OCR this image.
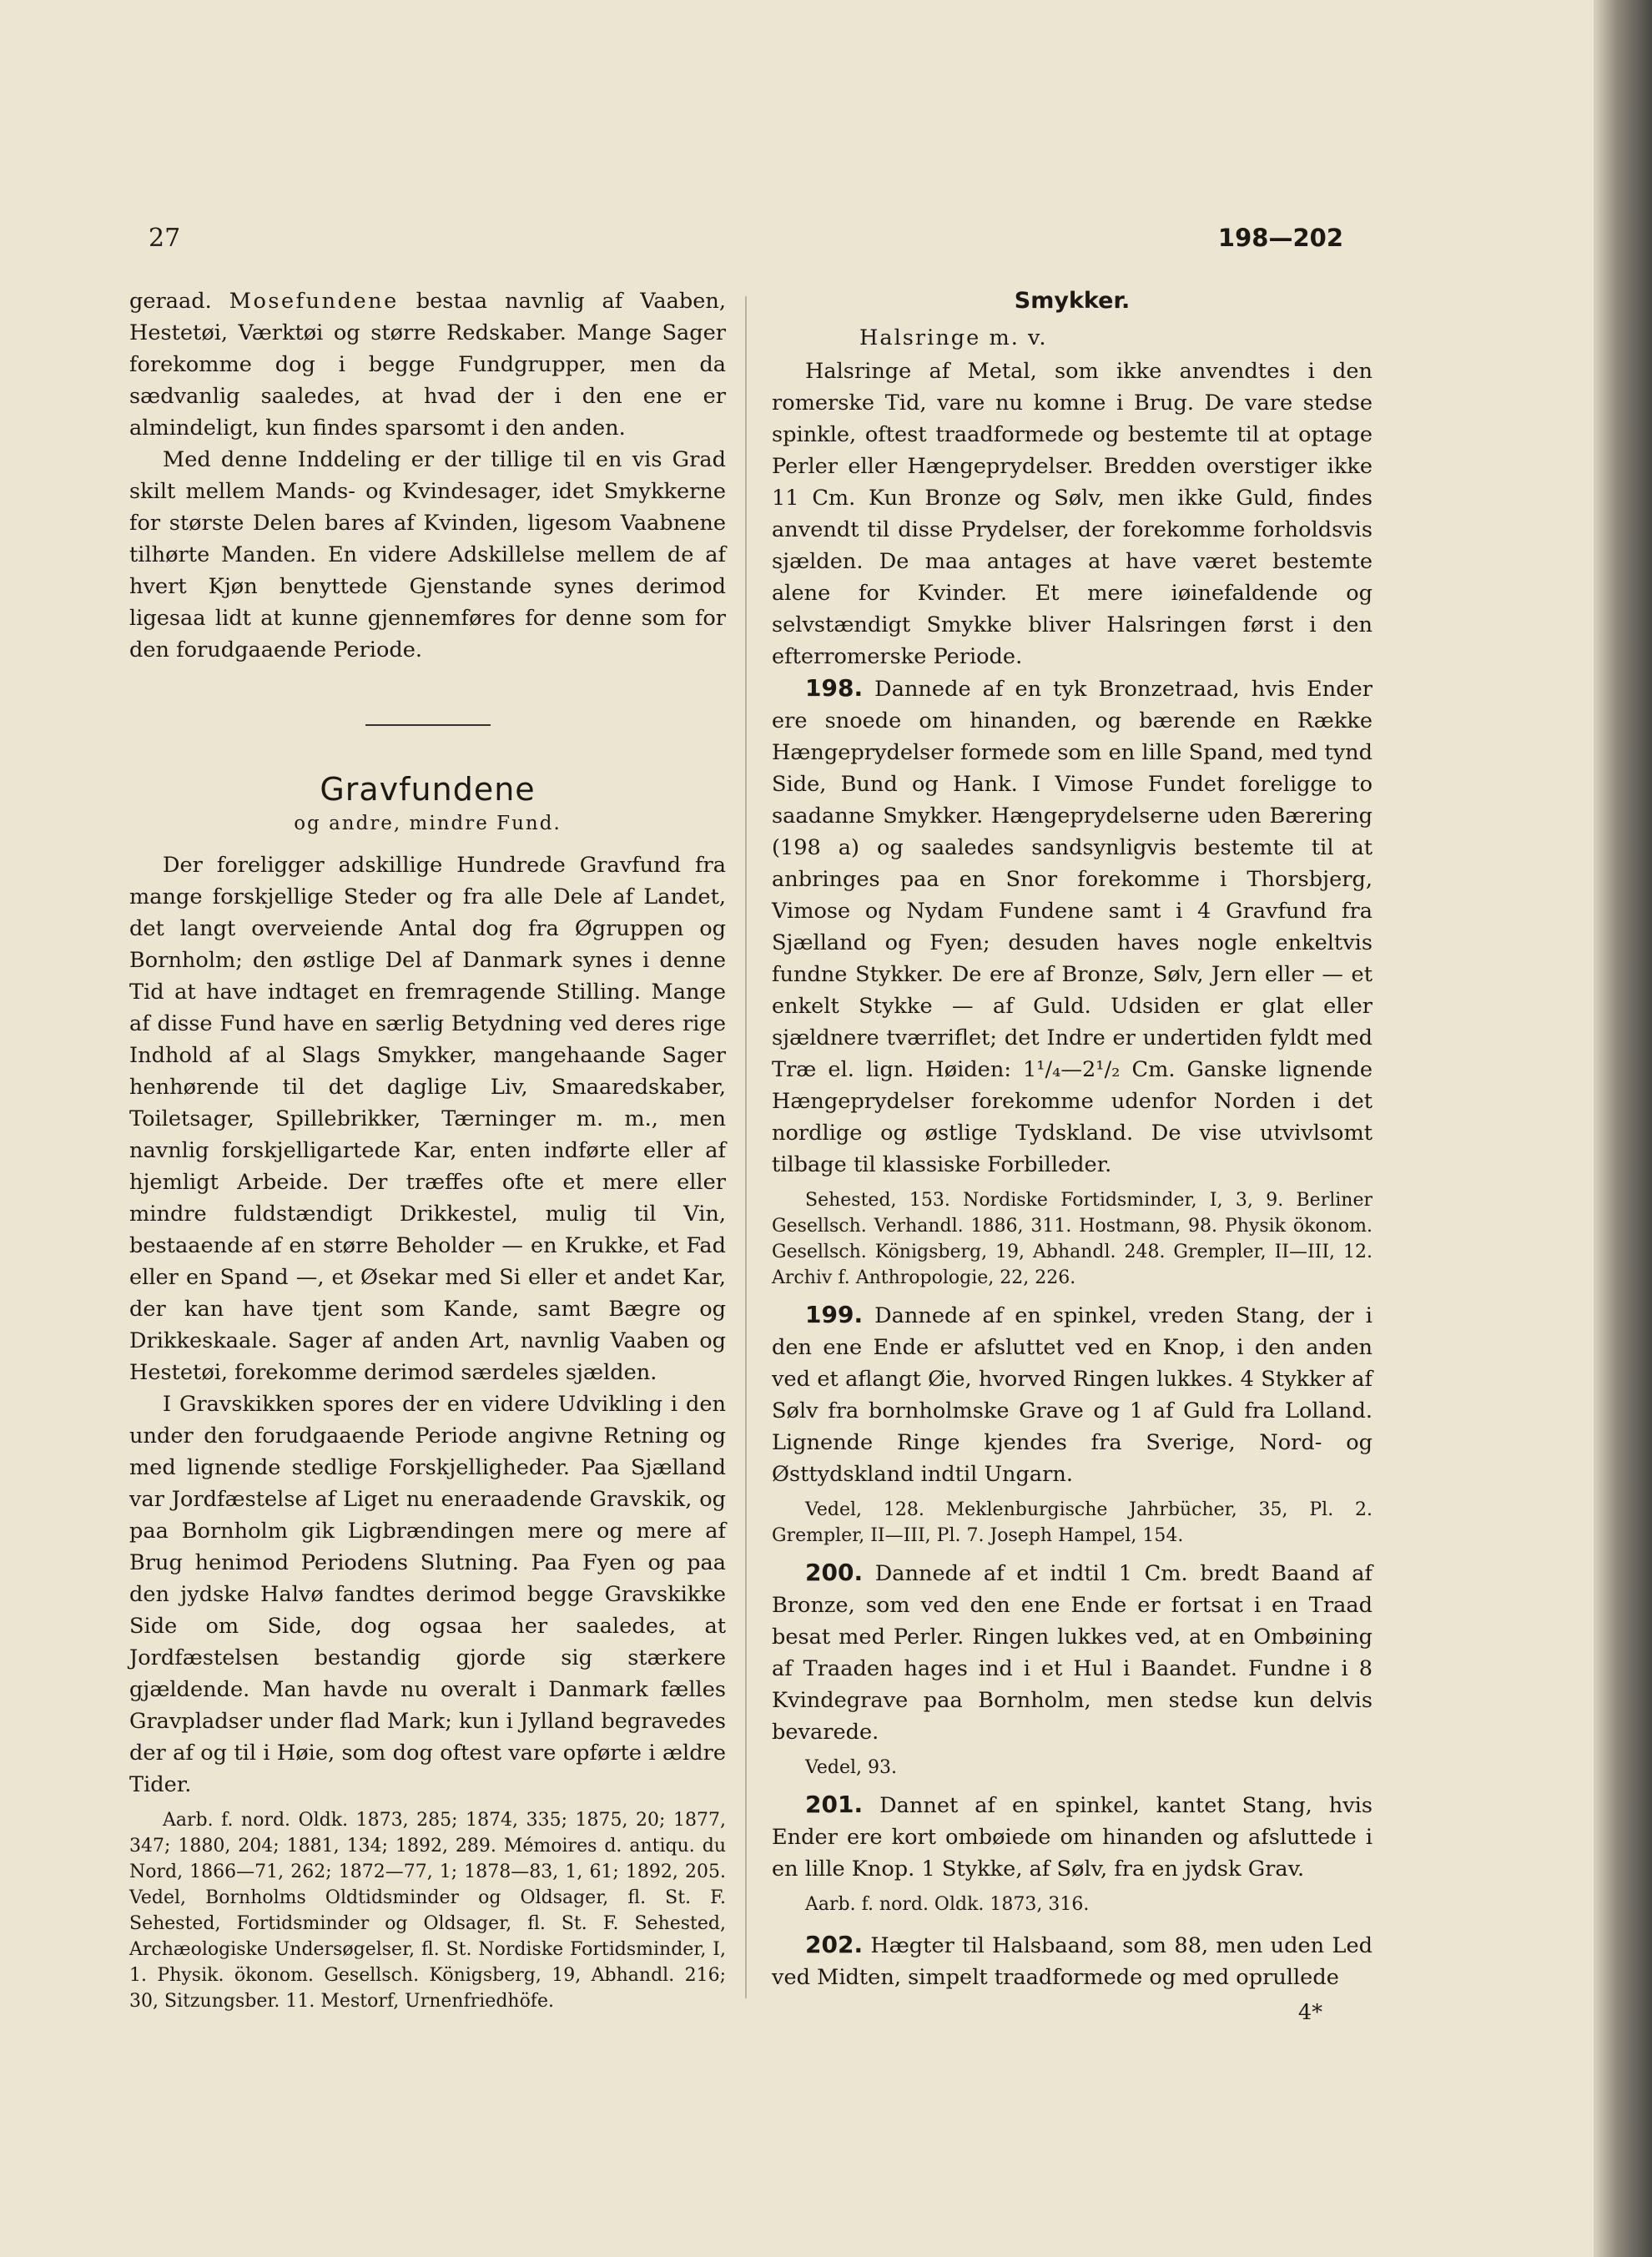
27	198—202

geraad. Mosefundene bestaa navnlig af Vaaben, Hestetøi, Værktøi og større Redskaber. Mange Sager forekomme dog i begge Fundgrupper, men da sædvanlig saaledes, at hvad der i den ene er almindeligt, kun findes sparsomt i den anden.

Med denne Inddeling er der tillige til en vis Grad skilt mellem Mands- og Kvindesager, idet Smykkerne for største Delen bares af Kvinden, ligesom Vaabnene tilhørte Manden. En videre Adskillelse mellem de af hvert Kjøn benyttede Gjenstande synes derimod ligesaa lidt at kunne gjennemføres for denne som for den forudgaaende Periode.

Gravfundene
og andre, mindre Fund.

Der foreligger adskillige Hundrede Gravfund fra mange forskjellige Steder og fra alle Dele af Landet, det langt overveiende Antal dog fra Øgruppen og Bornholm; den østlige Del af Danmark synes i denne Tid at have indtaget en fremragende Stilling. Mange af disse Fund have en særlig Betydning ved deres rige Indhold af al Slags Smykker, mangehaande Sager henhørende til det daglige Liv, Smaaredskaber, Toiletsager, Spillebrikker, Tærninger m. m., men navnlig forskjelligartede Kar, enten indførte eller af hjemligt Arbeide. Der træffes ofte et mere eller mindre fuldstændigt Drikkestel, mulig til Vin, bestaaende af en større Beholder — en Krukke, et Fad eller en Spand —, et Øsekar med Si eller et andet Kar, der kan have tjent som Kande, samt Bægre og Drikkeskaale. Sager af anden Art, navnlig Vaaben og Hestetøi, forekomme derimod særdeles sjælden.

I Gravskikken spores der en videre Udvikling i den under den forudgaaende Periode angivne Retning og med lignende stedlige Forskjelligheder. Paa Sjælland var Jordfæstelse af Liget nu eneraadende Gravskik, og paa Bornholm gik Ligbrændingen mere og mere af Brug henimod Periodens Slutning. Paa Fyen og paa den jydske Halvø fandtes derimod begge Gravskikke Side om Side, dog ogsaa her saaledes, at Jordfæstelsen bestandig gjorde sig stærkere gjældende. Man havde nu overalt i Danmark fælles Gravpladser under flad Mark; kun i Jylland begravedes der af og til i Høie, som dog oftest vare opførte i ældre Tider.

Aarb. f. nord. Oldk. 1873, 285; 1874, 335; 1875, 20; 1877, 347; 1880, 204; 1881, 134; 1892, 289. Mémoires d. antiqu. du Nord, 1866—71, 262; 1872—77, 1; 1878—83, 1, 61; 1892, 205. Vedel, Bornholms Oldtidsminder og Oldsager, fl. St. F. Sehested, Fortidsminder og Oldsager, fl. St. F. Sehested, Archæologiske Undersøgelser, fl. St. Nordiske Fortidsminder, I, 1. Physik. ökonom. Gesellsch. Königsberg, 19, Abhandl. 216; 30, Sitzungsber. 11. Mestorf, Urnenfriedhöfe.

Smykker.

Halsringe m. v.

Halsringe af Metal, som ikke anvendtes i den romerske Tid, vare nu komne i Brug. De vare stedse spinkle, oftest traadformede og bestemte til at optage Perler eller Hængeprydelser. Bredden overstiger ikke 11 Cm. Kun Bronze og Sølv, men ikke Guld, findes anvendt til disse Prydelser, der forekomme forholdsvis sjælden. De maa antages at have været bestemte alene for Kvinder. Et mere iøinefaldende og selvstændigt Smykke bliver Halsringen først i den efterromerske Periode.

198. Dannede af en tyk Bronzetraad, hvis Ender ere snoede om hinanden, og bærende en Række Hængeprydelser formede som en lille Spand, med tynd Side, Bund og Hank. I Vimose Fundet foreligge to saadanne Smykker. Hængeprydelserne uden Bærering (198 a) og saaledes sandsynligvis bestemte til at anbringes paa en Snor forekomme i Thorsbjerg, Vimose og Nydam Fundene samt i 4 Gravfund fra Sjælland og Fyen; desuden haves nogle enkeltvis fundne Stykker. De ere af Bronze, Sølv, Jern eller — et enkelt Stykke — af Guld. Udsiden er glat eller sjældnere tværriflet; det Indre er undertiden fyldt med Træ el. lign. Høiden: 1¹/₄—2¹/₂ Cm. Ganske lignende Hængeprydelser forekomme udenfor Norden i det nordlige og østlige Tydskland. De vise utvivlsomt tilbage til klassiske Forbilleder.

Sehested, 153. Nordiske Fortidsminder, I, 3, 9. Berliner Gesellsch. Verhandl. 1886, 311. Hostmann, 98. Physik ökonom. Gesellsch. Königsberg, 19, Abhandl. 248. Grempler, II—III, 12. Archiv f. Anthropologie, 22, 226.

199. Dannede af en spinkel, vreden Stang, der i den ene Ende er afsluttet ved en Knop, i den anden ved et aflangt Øie, hvorved Ringen lukkes. 4 Stykker af Sølv fra bornholmske Grave og 1 af Guld fra Lolland. Lignende Ringe kjendes fra Sverige, Nord- og Østtydskland indtil Ungarn.

Vedel, 128. Meklenburgische Jahrbücher, 35, Pl. 2. Grempler, II—III, Pl. 7. Joseph Hampel, 154.

200. Dannede af et indtil 1 Cm. bredt Baand af Bronze, som ved den ene Ende er fortsat i en Traad besat med Perler. Ringen lukkes ved, at en Ombøining af Traaden hages ind i et Hul i Baandet. Fundne i 8 Kvindegrave paa Bornholm, men stedse kun delvis bevarede.

Vedel, 93.

201. Dannet af en spinkel, kantet Stang, hvis Ender ere kort ombøiede om hinanden og afsluttede i en lille Knop. 1 Stykke, af Sølv, fra en jydsk Grav.

Aarb. f. nord. Oldk. 1873, 316.

202. Hægter til Halsbaand, som 88, men uden Led ved Midten, simpelt traadformede og med oprullede

4*
